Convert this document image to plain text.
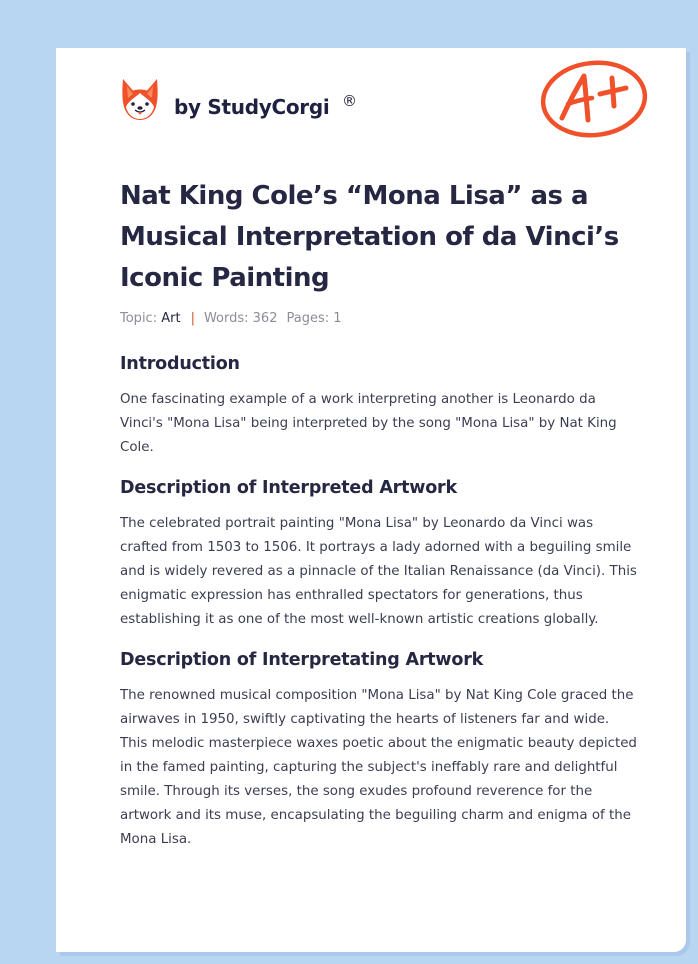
by StudyCorgi ®
Nat King Cole’s “Mona Lisa” as a Musical Interpretation of da Vinci’s Iconic Painting
Topic: Art | Words: 362 Pages: 1
Introduction

One fascinating example of a work interpreting another is Leonardo da Vinci's "Mona Lisa" being interpreted by the song "Mona Lisa" by Nat King Cole.

Description of Interpreted Artwork

The celebrated portrait painting "Mona Lisa" by Leonardo da Vinci was crafted from 1503 to 1506. It portrays a lady adorned with a beguiling smile and is widely revered as a pinnacle of the Italian Renaissance (da Vinci). This enigmatic expression has enthralled spectators for generations, thus establishing it as one of the most well-known artistic creations globally.

Description of Interpretating Artwork

The renowned musical composition "Mona Lisa" by Nat King Cole graced the airwaves in 1950, swiftly captivating the hearts of listeners far and wide. This melodic masterpiece waxes poetic about the enigmatic beauty depicted in the famed painting, capturing the subject's ineffably rare and delightful smile. Through its verses, the song exudes profound reverence for the artwork and its muse, encapsulating the beguiling charm and enigma of the Mona Lisa.
